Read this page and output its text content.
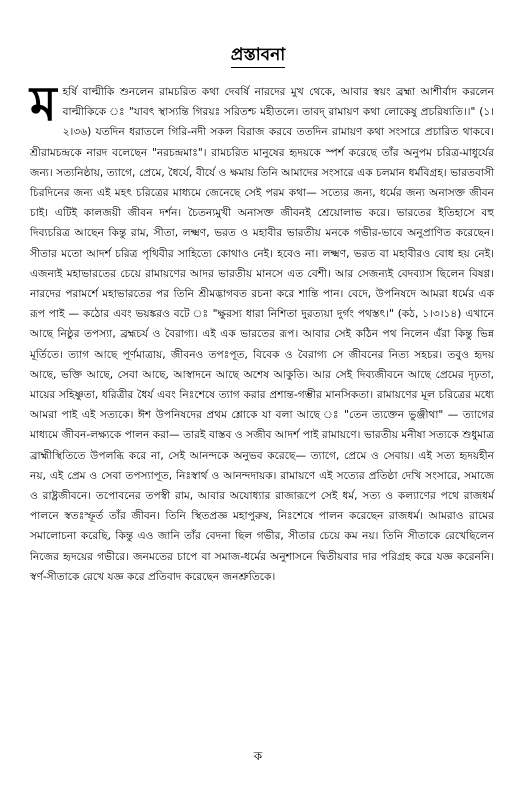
প্রস্তাবনা
মহর্ষি বাল্মীকি শুনলেন রামচরিত কথা দেবর্ষি নারদের মুখ থেকে, আবার স্বয়ং ব্রহ্মা আশীর্বাদ করলেন বাল্মীকিকে ঃ "যাবৎ স্থাস্যন্তি গিরয়ঃ সরিতশ্চ মহীতলে। তাবদ্‌ রামায়ণ কথা লোকেষু প্রচরিষ্যতি।।" (১।২।৩৬) যতদিন ধরাতলে গিরি-নদী সকল বিরাজ করবে ততদিন রামায়ণ কথা সংসারে প্রচারিত থাকবে। শ্রীরামচন্দ্রকে নারদ বলেছেন "নরচন্দ্রমাঃ"। রামচরিত মানুষের হৃদয়কে স্পর্শ করেছে তাঁর অনুপম চরিত্র-মাধুর্যের জন্য। সত্যনিষ্ঠায়, ত্যাগে, প্রেমে, ধৈর্যে, বীর্যে ও ক্ষমায় তিনি আমাদের সংসারে এক চলমান ধর্মবিগ্রহ। ভারতবাসী চিরদিনের জন্য এই মহৎ চরিত্রের মাধ্যমে জেনেছে সেই পরম কথা— সত্যের জন্য, ধর্মের জন্য অনাসক্ত জীবন চাই। এটিই কালজয়ী জীবন দর্শন। চৈতন্যমুখী অনাসক্ত জীবনই শ্রেয়োলাভ করে। ভারতের ইতিহাসে বহু দিব্যচরিত্র আছেন কিন্তু রাম, সীতা, লক্ষ্মণ, ভরত ও মহাবীর ভারতীয় মনকে গভীর-ভাবে অনুপ্রাণিত করেছেন। সীতার মতো আদর্শ চরিত্র পৃথিবীর সাহিত্যে কোথাও নেই। হবেও না। লক্ষ্মণ, ভরত বা মহাবীরও বোধ হয় নেই। এজন্যই মহাভারতের চেয়ে রামায়ণের আদর ভারতীয় মানসে এত বেশী। আর সেজন্যই বেদব্যাস ছিলেন বিষণ্ণ। নারদের পরামর্শে মহাভারতের পর তিনি শ্রীমদ্ভাগবত রচনা করে শান্তি পান। বেদে, উপনিষদে আমরা ধর্মের এক রূপ পাই — কঠোর এবং ভয়ঙ্করও বটে ঃ "ক্ষুরস্য ধারা নিশিতা দুরত্যয়া দুর্গং পথস্তৎ।" (কঠ, ১।৩।১৪) এখানে আছে নিষ্ঠুর তপস্যা, ব্রহ্মচর্য ও বৈরাগ্য। এই এক ভারতের রূপ। আবার সেই কঠিন পথ নিলেন এঁরা কিন্তু ভিন্ন মূর্তিতে। ত্যাগ আছে পূর্ণমাত্রায়, জীবনও তপঃপূত, বিবেক ও বৈরাগ্য সে জীবনের নিত্য সহচর। তবুও হৃদয় আছে, ভক্তি আছে, সেবা আছে, আস্বাদনে আছে অশেষ আকুতি। আর সেই দিব্যজীবনে আছে প্রেমের দৃঢ়তা, মায়ের সহিষ্ণুতা, ধরিত্রীর ধৈর্য এবং নিঃশেষে ত্যাগ করার প্রশান্ত-গম্ভীর মানসিকতা। রামায়ণের মূল চরিত্রের মধ্যে আমরা পাই এই সত্যকে। ঈশ উপনিষদের প্রথম শ্লোকে যা বলা আছে ঃ "তেন ত্যক্তেন ভুঞ্জীথা" — ত্যাগের মাধ্যমে জীবন-লক্ষ্যকে পালন করা— তারই বাস্তব ও সজীব আদর্শ পাই রামায়ণে। ভারতীয় মনীষা সত্যকে শুধুমাত্র ব্রাহ্মীস্থিতিতে উপলব্ধি করে না, সেই আনন্দকে অনুভব করেছে— ত্যাগে, প্রেমে ও সেবায়। এই সত্য হৃদয়হীন নয়, এই প্রেম ও সেবা তপস্যাপূত, নিঃস্বার্থ ও আনন্দদায়ক। রামায়ণে এই সত্যের প্রতিষ্ঠা দেখি সংসারে, সমাজে ও রাষ্ট্রজীবনে। তপোবনের তপস্বী রাম, আবার অযোধ্যার রাজারূপে সেই ধর্ম, সত্য ও কল্যাণের পথে রাজধর্ম পালনে স্বতঃস্ফূর্ত তাঁর জীবন। তিনি স্থিতপ্রজ্ঞ মহাপুরুষ, নিঃশেষে পালন করেছেন রাজধর্ম। আমরাও রামের সমালোচনা করেছি, কিন্তু এও জানি তাঁর বেদনা ছিল গভীর, সীতার চেয়ে কম নয়। তিনি সীতাকে রেখেছিলেন নিজের হৃদয়ের গভীরে। জনমতের চাপে বা সমাজ-ধর্মের অনুশাসনে দ্বিতীয়বার দার পরিগ্রহ করে যজ্ঞ করেননি। স্বর্ণ-সীতাকে রেখে যজ্ঞ করে প্রতিবাদ করেছেন জনশ্রুতিকে।
ক
